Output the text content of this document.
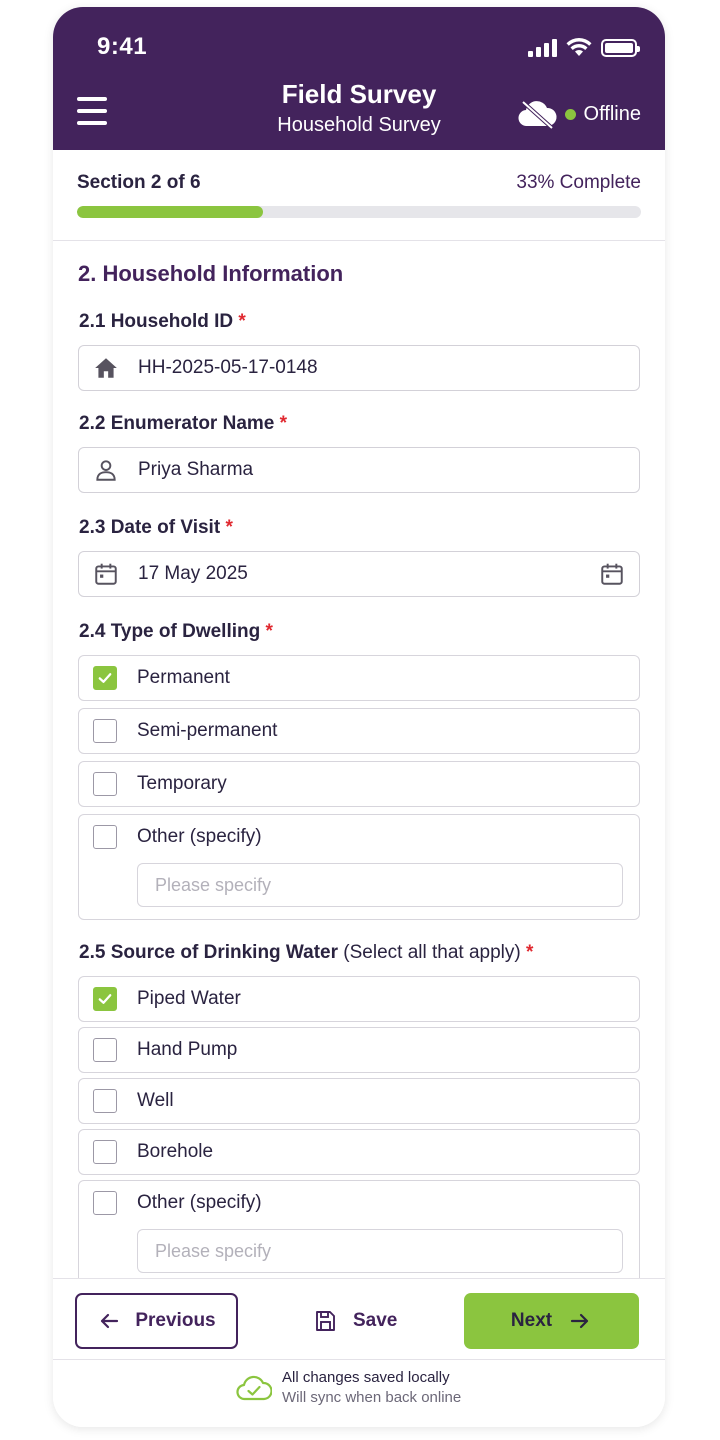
9:41
Field Survey
Household Survey
Offline
Section 2 of 6	33% Complete
2. Household Information
2.1 Household ID *
HH-2025-05-17-0148
2.2 Enumerator Name *
Priya Sharma
2.3 Date of Visit *
17 May 2025
2.4 Type of Dwelling *
Permanent
Semi-permanent
Temporary
Other (specify)
Please specify
2.5 Source of Drinking Water (Select all that apply) *
Piped Water
Hand Pump
Well
Borehole
Other (specify)
Please specify
Previous	Save	Next
All changes saved locally
Will sync when back online
